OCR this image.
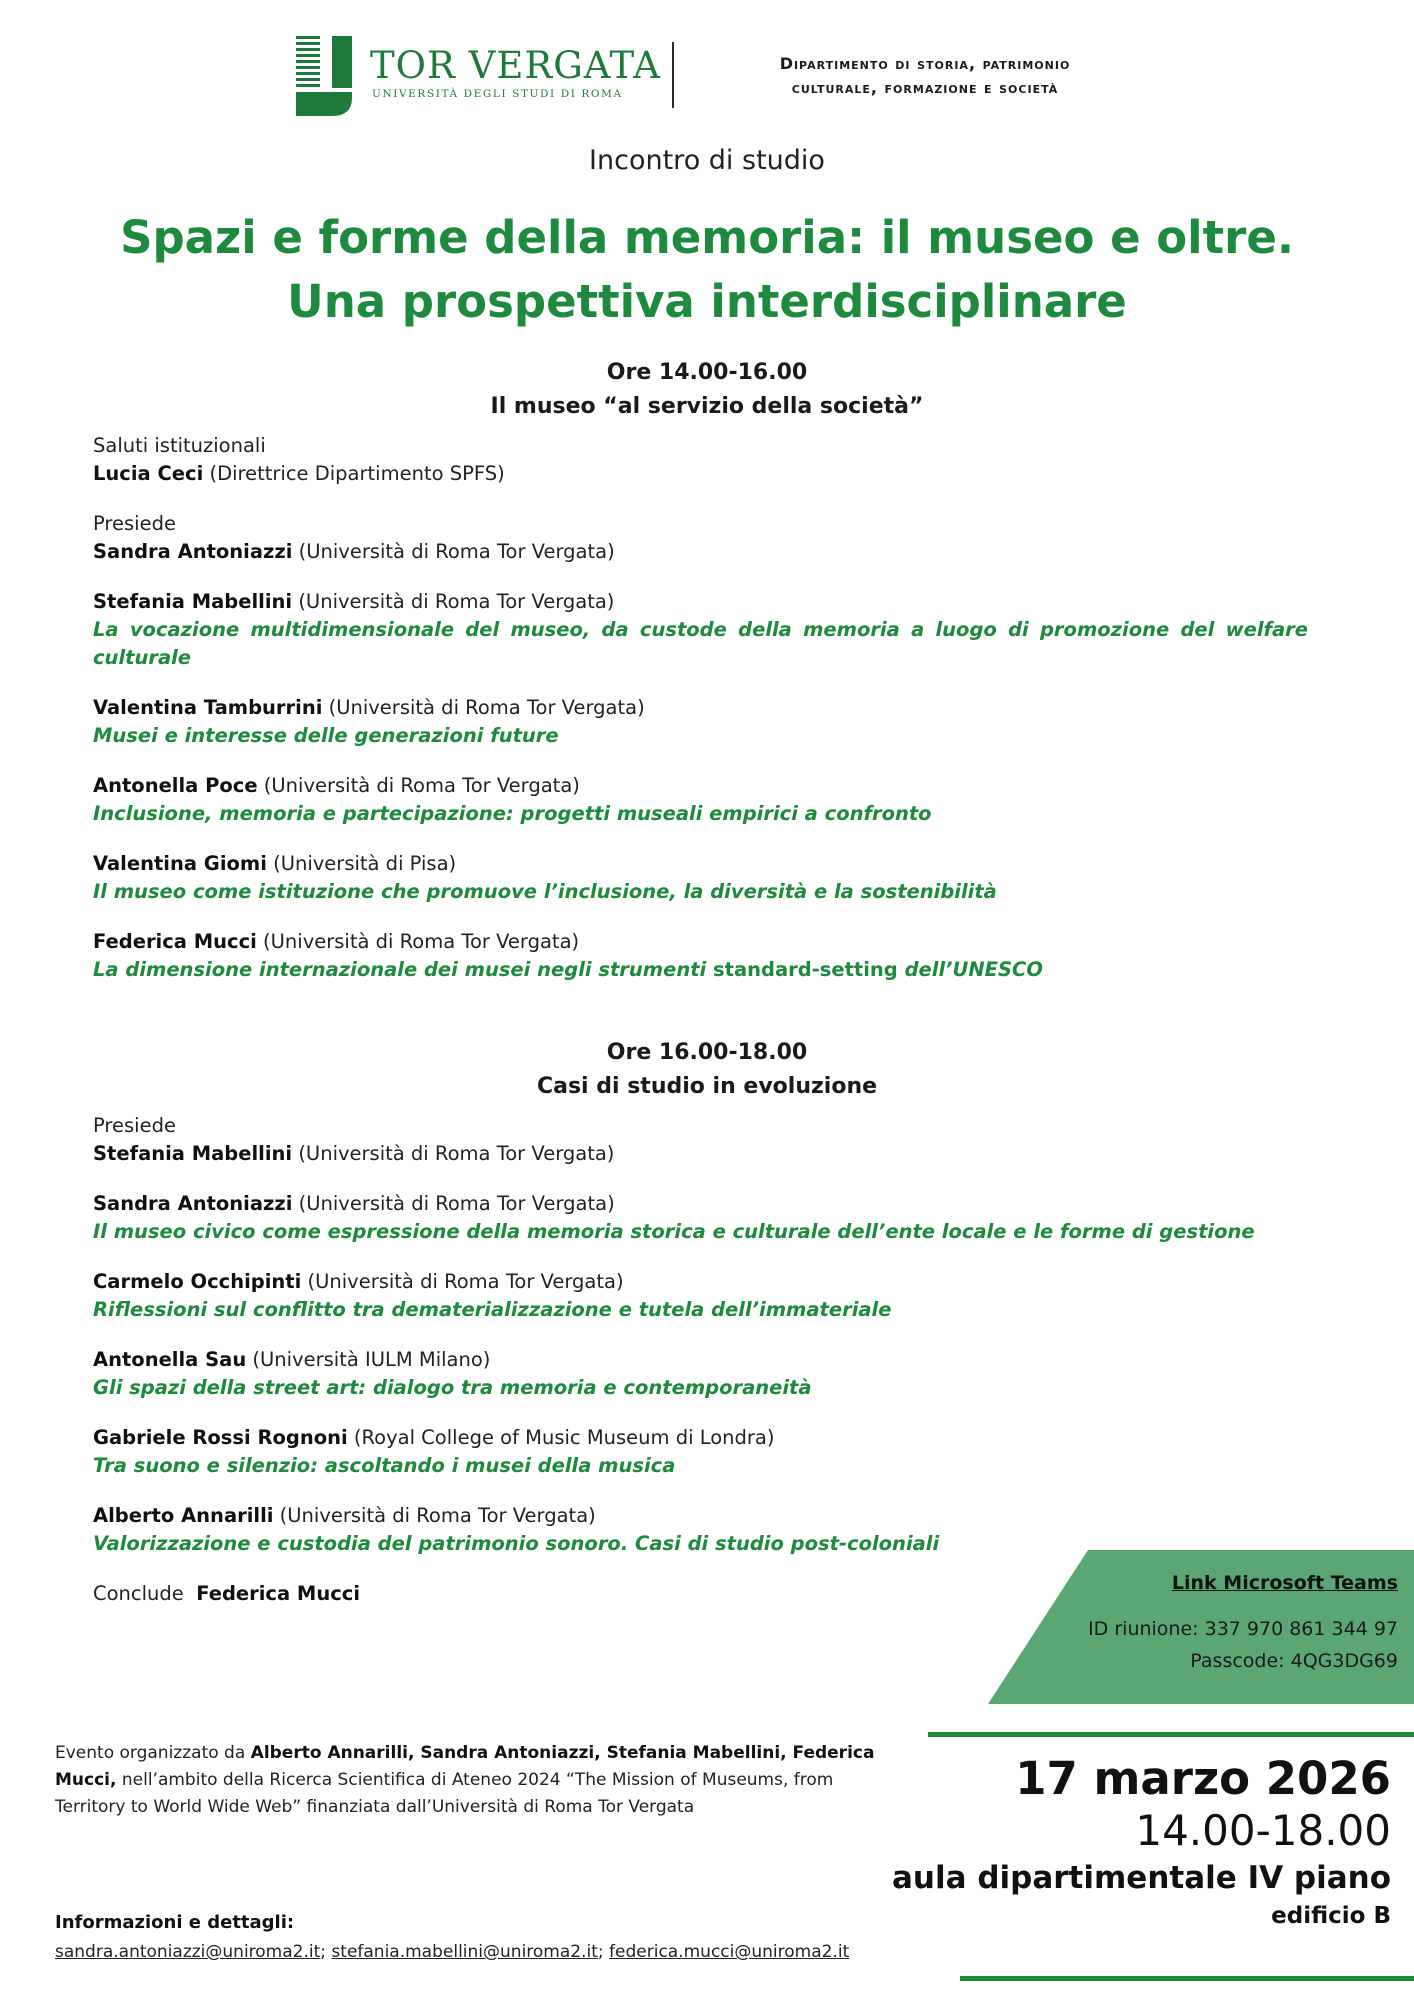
TOR VERGATA
UNIVERSITÀ DEGLI STUDI DI ROMA
Dipartimento di storia, patrimonio
culturale, formazione e società
Incontro di studio
Spazi e forme della memoria: il museo e oltre.
Una prospettiva interdisciplinare
Ore 14.00-16.00
Il museo “al servizio della società”

Saluti istituzionali

Lucia Ceci (Direttrice Dipartimento SPFS)

Presiede

Sandra Antoniazzi (Università di Roma Tor Vergata)

Stefania Mabellini (Università di Roma Tor Vergata)

La vocazione multidimensionale del museo, da custode della memoria a luogo di promozione del welfare culturale

Valentina Tamburrini (Università di Roma Tor Vergata)

Musei e interesse delle generazioni future

Antonella Poce (Università di Roma Tor Vergata)

Inclusione, memoria e partecipazione: progetti museali empirici a confronto

Valentina Giomi (Università di Pisa)

Il museo come istituzione che promuove l’inclusione, la diversità e la sostenibilità

Federica Mucci (Università di Roma Tor Vergata)

La dimensione internazionale dei musei negli strumenti standard-setting dell’UNESCO

Ore 16.00-18.00
Casi di studio in evoluzione

Presiede

Stefania Mabellini (Università di Roma Tor Vergata)

Sandra Antoniazzi (Università di Roma Tor Vergata)

Il museo civico come espressione della memoria storica e culturale dell’ente locale e le forme di gestione

Carmelo Occhipinti (Università di Roma Tor Vergata)

Riflessioni sul conflitto tra dematerializzazione e tutela dell’immateriale

Antonella Sau (Università IULM Milano)

Gli spazi della street art: dialogo tra memoria e contemporaneità

Gabriele Rossi Rognoni (Royal College of Music Museum di Londra)

Tra suono e silenzio: ascoltando i musei della musica

Alberto Annarilli (Università di Roma Tor Vergata)

Valorizzazione e custodia del patrimonio sonoro. Casi di studio post-coloniali

Conclude Federica Mucci	Link Microsoft Teams
ID riunione: 337 970 861 344 97
Passcode: 4QG3DG69
Evento organizzato da Alberto Annarilli, Sandra Antoniazzi, Stefania Mabellini, Federica Mucci, nell’ambito della Ricerca Scientifica di Ateneo 2024 “The Mission of Museums, from Territory to World Wide Web” finanziata dall’Università di Roma Tor Vergata
17 marzo 2026
14.00-18.00
aula dipartimentale IV piano
edificio B
Informazioni e dettagli:
sandra.antoniazzi@uniroma2.it; stefania.mabellini@uniroma2.it; federica.mucci@uniroma2.it
